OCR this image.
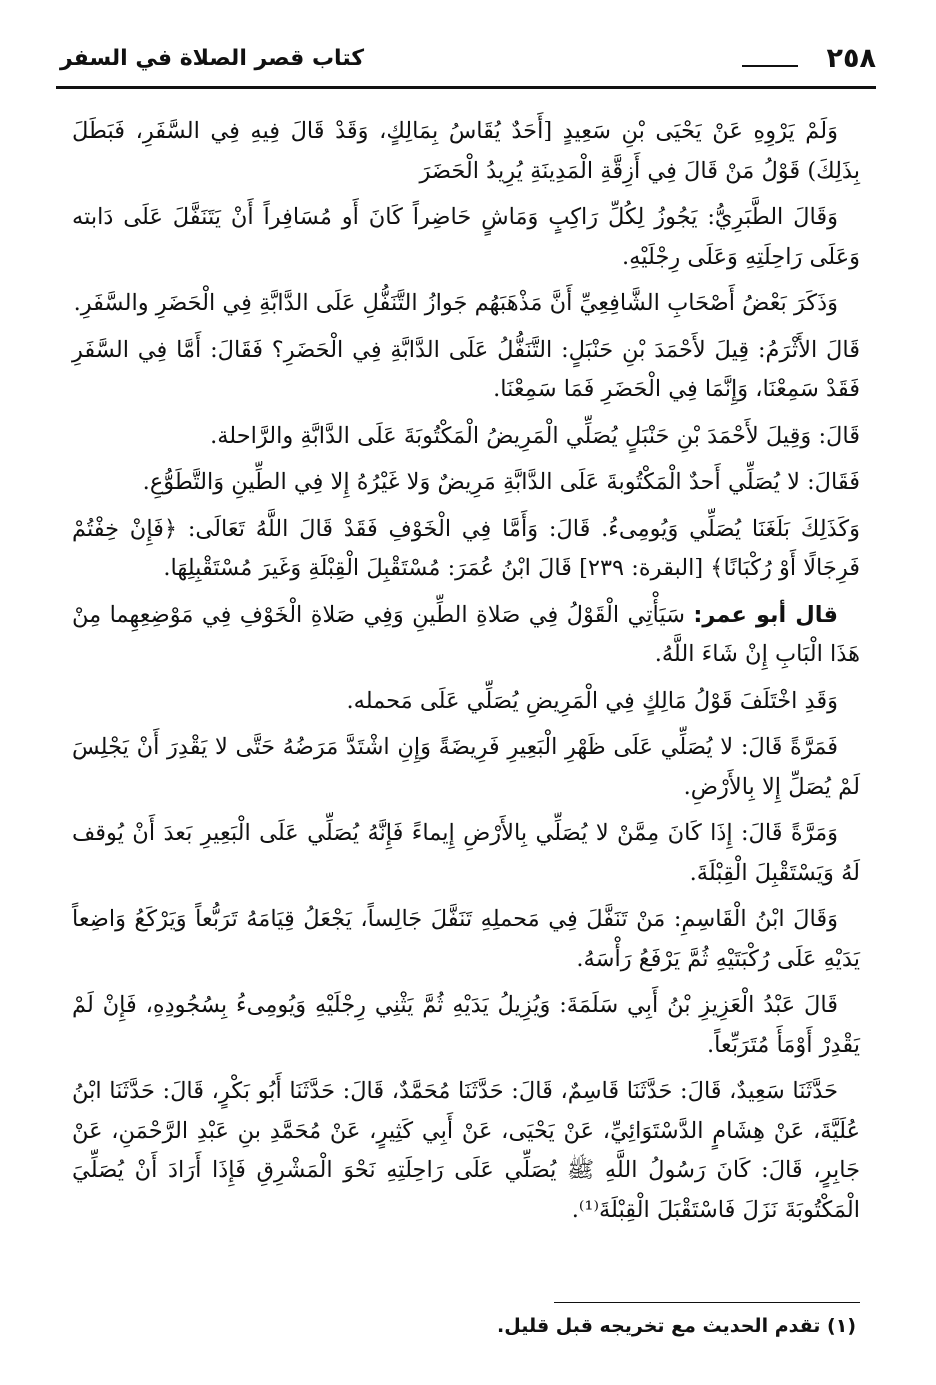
٢٥٨
كتاب قصر الصلاة في السفر

وَلَمْ يَرْوِهِ عَنْ يَحْيَى بْنِ سَعِيدٍ [أَحَدٌ يُقَاسُ بِمَالِكٍ، وَقَدْ قَالَ فِيهِ فِي السَّفَرِ، فَبَطَلَ بِذَلِكَ) قَوْلُ مَنْ قَالَ فِي أَزِقَّةِ الْمَدِينَةِ يُرِيدُ الْحَضَرَ

وَقَالَ الطَّبَرِيُّ: يَجُوزُ لِكُلِّ رَاكِبٍ وَمَاشٍ حَاضِراً كَانَ أَو مُسَافِراً أَنْ يَتَنَفَّلَ عَلَى دَابته وَعَلَى رَاحِلَتِهِ وَعَلَى رِجْلَيْهِ.

وَذَكَرَ بَعْضُ أَصْحَابِ الشَّافِعِيِّ أَنَّ مَذْهَبَهُم جَوازُ التَّنَفُّلِ عَلَى الدَّابَّةِ فِي الْحَضَرِ والسَّفَرِ.

قَالَ الأَثْرَمُ: قِيلَ لأَحْمَدَ بْنِ حَنْبَلٍ: التَّنَفُّلُ عَلَى الدَّابَّةِ فِي الْحَضَرِ؟ فَقَالَ: أَمَّا فِي السَّفَرِ فَقَدْ سَمِعْنَا، وَإِنَّمَا فِي الْحَضَرِ فَمَا سَمِعْنَا.

قَالَ: وَقِيلَ لأَحْمَدَ بْنِ حَنْبَلٍ يُصَلِّي الْمَرِيضُ الْمَكْتُوبَةَ عَلَى الدَّابَّةِ والرَّاحلة.

فَقَالَ: لا يُصَلِّي أَحدٌ الْمَكْتُوبةَ عَلَى الدَّابَّةِ مَرِيضٌ وَلا غَيْرُهُ إِلا فِي الطِّينِ وَالتَّطَوُّعِ.

وَكَذَلِكَ بَلَغَنَا يُصَلِّي وَيُومِىءُ. قَالَ: وَأَمَّا فِي الْخَوْفِ فَقَدْ قَالَ اللَّهُ تَعَالَى: ﴿فَإِنْ خِفْتُمْ فَرِجَالًا أَوْ رُكْبَانًا﴾ [البقرة: ٢٣٩] قَالَ ابْنُ عُمَرَ: مُسْتَقْبِلَ الْقِبْلَةِ وَغَيرَ مُسْتَقْبِلِهَا.

قال أبو عمر: سَيَأْتِي الْقَوْلُ فِي صَلاةِ الطِّينِ وَفِي صَلاةِ الْخَوْفِ فِي مَوْضِعِهِما مِنْ هَذَا الْبَابِ إِنْ شَاءَ اللَّهُ.

وَقَدِ اخْتَلَفَ قَوْلُ مَالِكٍ فِي الْمَرِيضِ يُصَلِّي عَلَى مَحمله.

فَمَرَّةً قَالَ: لا يُصَلِّي عَلَى ظَهْرِ الْبَعِيرِ فَرِيضَةً وَإِنِ اشْتَدَّ مَرَضُهُ حَتَّى لا يَقْدِرَ أَنْ يَجْلِسَ لَمْ يُصَلِّ إِلا بِالأَرْضِ.

وَمَرَّةً قَالَ: إِذَا كَانَ مِمَّنْ لا يُصَلِّي بِالأَرْضِ إِيماءً فَإِنَّهُ يُصَلِّي عَلَى الْبَعِيرِ بَعدَ أَنْ يُوقف لَهُ وَيَسْتَقْبِلَ الْقِبْلَةَ.

وَقَالَ ابْنُ الْقَاسِمِ: مَنْ تَنَفَّلَ فِي مَحملِهِ تَنَفَّلَ جَالِساً، يَجْعَلُ قِيَامَهُ تَرَبُّعاً وَيَرْكَعُ وَاضِعاً يَدَيْهِ عَلَى رُكْبَتَيْهِ ثُمَّ يَرْفَعُ رَأْسَهُ.

قَالَ عَبْدُ الْعَزِيزِ بْنُ أَبِي سَلَمَةَ: وَيُزِيلُ يَدَيْهِ ثُمَّ يَثْنِي رِجْلَيْهِ وَيُومِىءُ بِسُجُودِهِ، فَإِنْ لَمْ يَقْدِرْ أَوْمَأَ مُتَرَبِّعاً.

حَدَّثَنَا سَعِيدٌ، قَالَ: حَدَّثَنَا قَاسِمٌ، قَالَ: حَدَّثَنَا مُحَمَّدٌ، قَالَ: حَدَّثَنَا أَبُو بَكْرٍ، قَالَ: حَدَّثَنَا ابْنُ عُلَيَّةَ، عَنْ هِشَامٍ الدَّسْتَوَائِيِّ، عَنْ يَحْيَى، عَنْ أَبِي كَثِيرٍ، عَنْ مُحَمَّدِ بنِ عَبْدِ الرَّحْمَنِ، عَنْ جَابِرٍ، قَالَ: كَانَ رَسُولُ اللَّهِ ﷺ يُصَلِّي عَلَى رَاحِلَتِهِ نَحْوَ الْمَشْرِقِ فَإِذَا أَرَادَ أَنْ يُصَلِّيَ الْمَكْتُوبَةَ نَزَلَ فَاسْتَقْبَلَ الْقِبْلَةَ⁽¹⁾.

(١) تقدم الحديث مع تخريجه قبل قليل.
